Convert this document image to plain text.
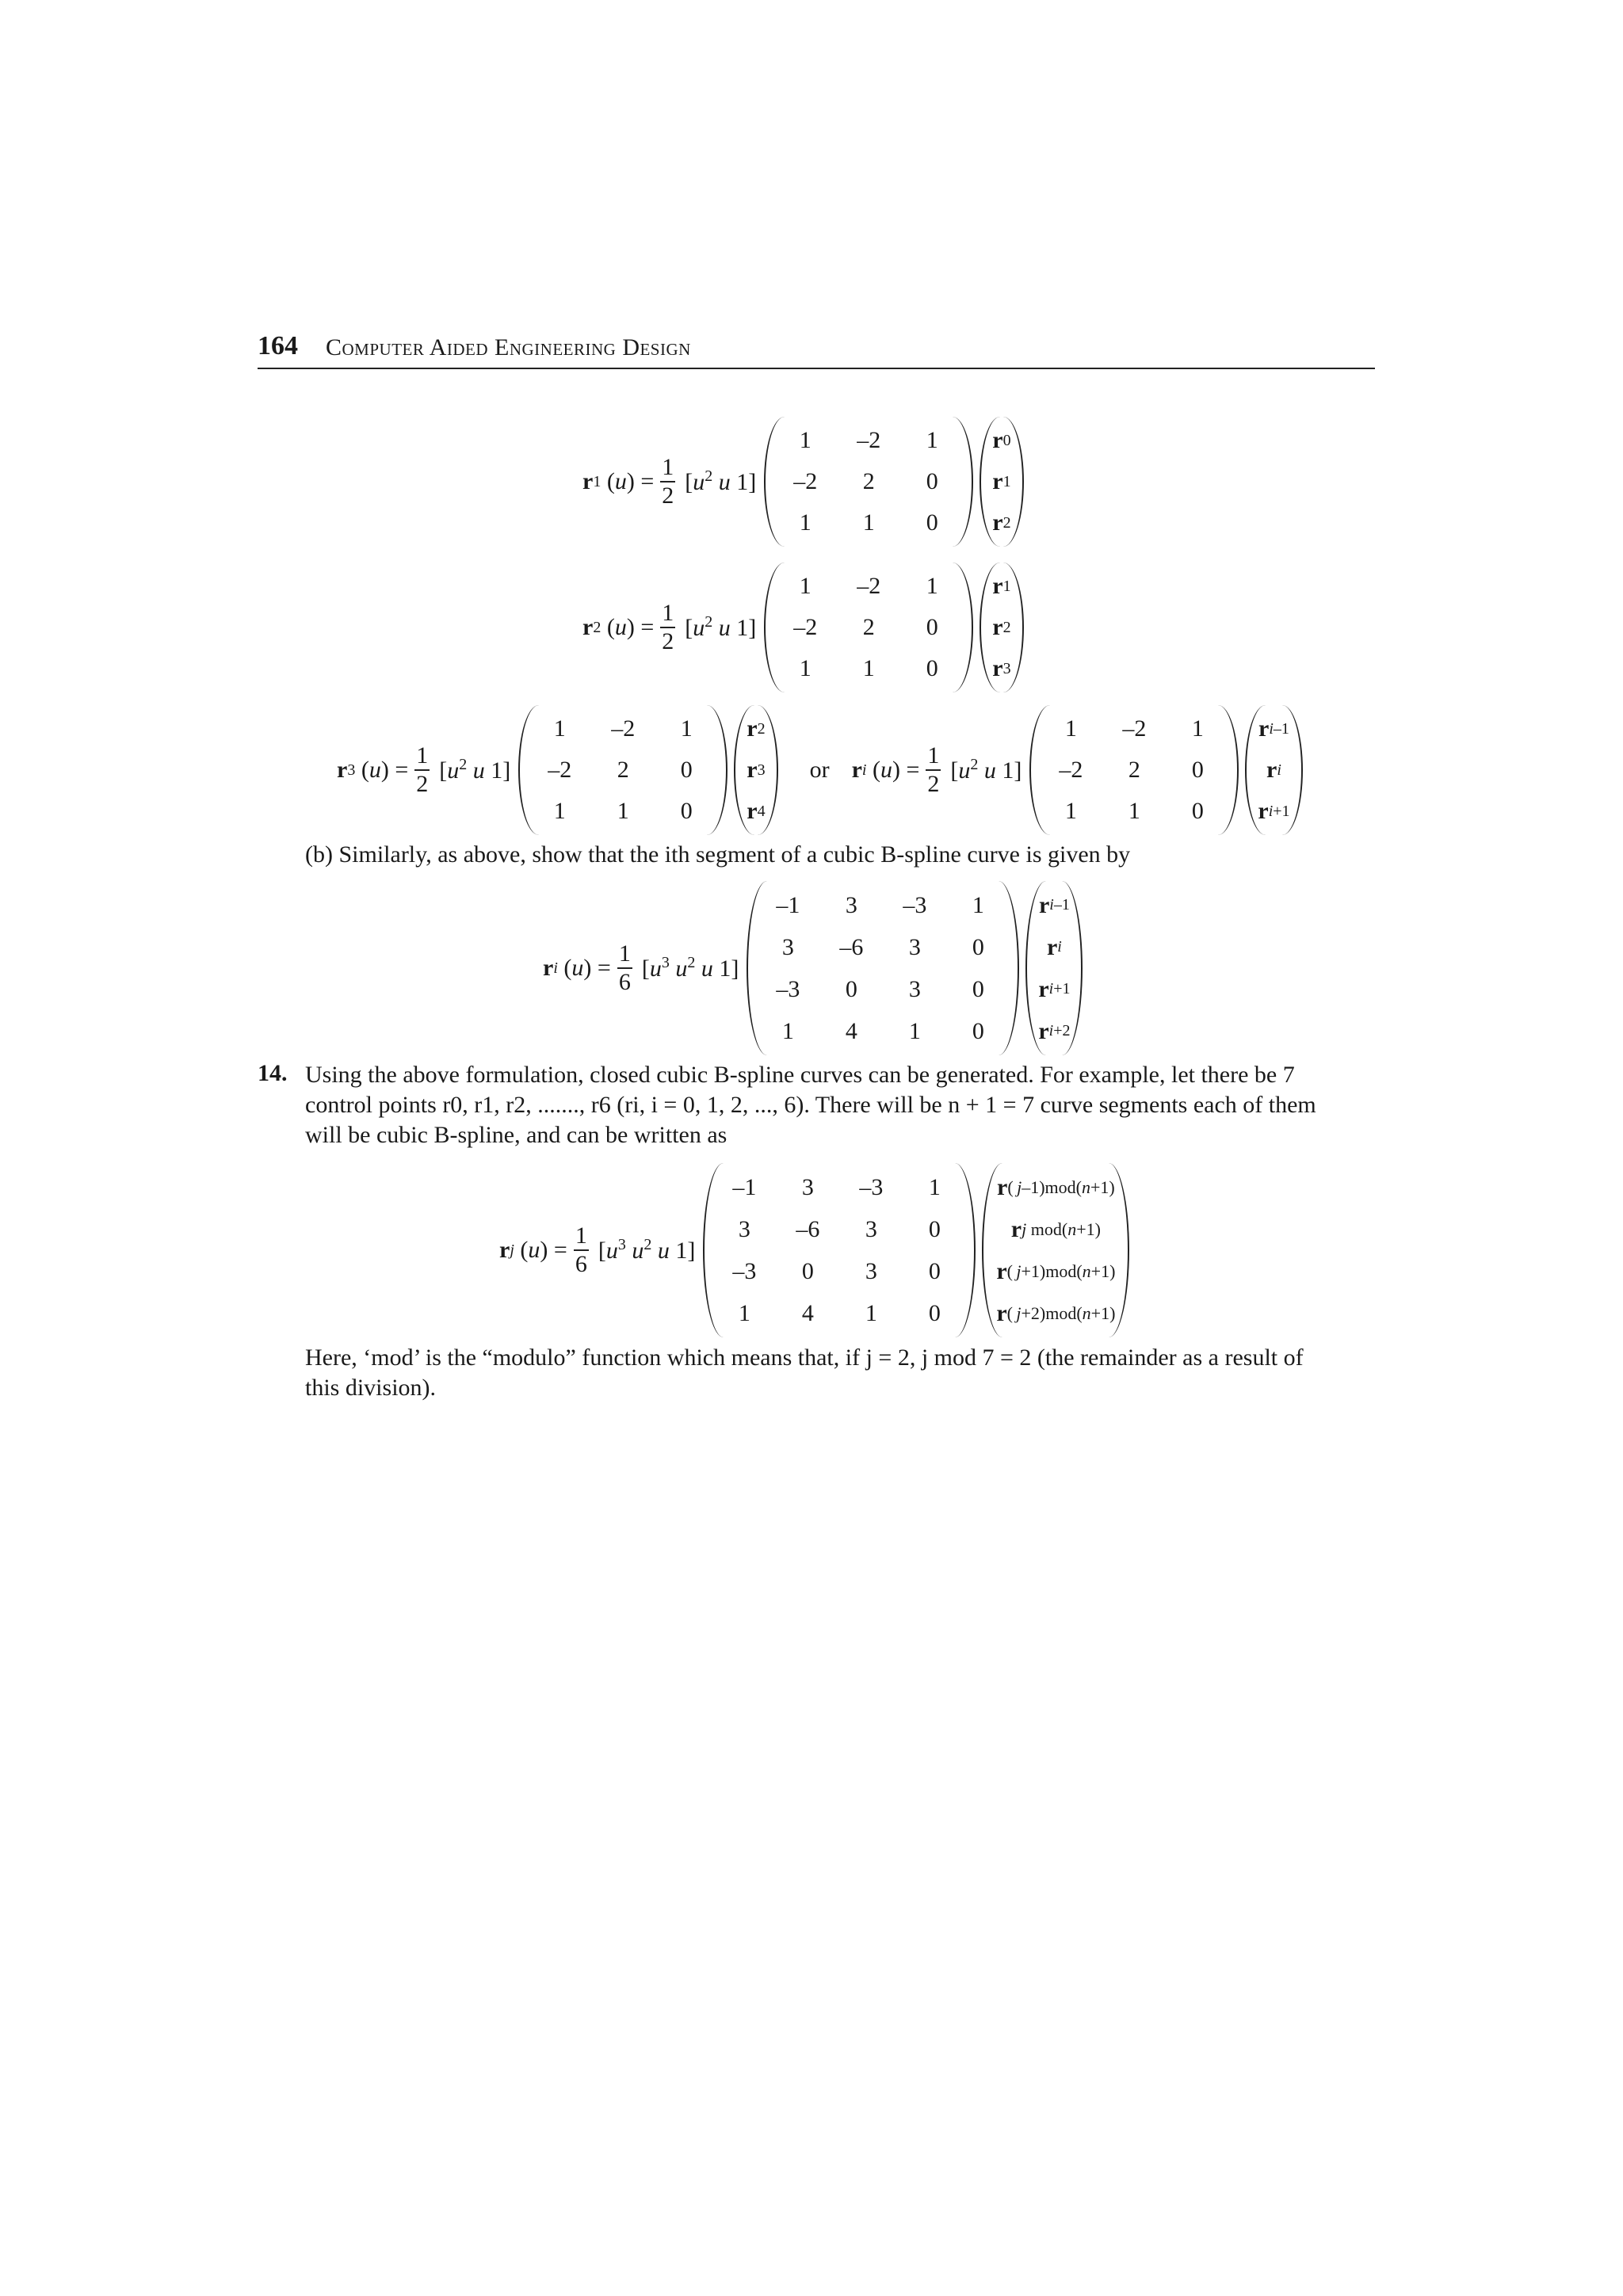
164 Computer Aided Engineering Design
r 1 ( u ) = $\frac{1}{2} [u^2$ u 1]
1	–2	1
–2	2	0
1	1	0
r 0
r 1
r 2
r 2 ( u ) = $\frac{1}{2} [u^2$ u 1]
1	–2	1
–2	2	0
1	1	0
r 1
r 2
r 3
r 3 ( u ) = $\frac{1}{2} [u^2$ u 1]
1	–2	1
–2	2	0
1	1	0
r 2
r 3
r 4
or r i ( u ) = $\frac{1}{2} [u^2$ u 1]
1	–2	1
–2	2	0
1	1	0
r i–1
r i
r i+1
(b) Similarly, as above, show that the ith segment of a cubic B-spline curve is given by
r i ( u ) = $\frac{1}{6} [u^3$ $u^2$ u 1]
–1	3	–3	1
3	–6	3	0
–3	0	3	0
1	4	1	0
r i–1
r i
r i+1
r i+2
14. Using the above formulation, closed cubic B-spline curves can be generated. For example, let there be 7
control points r0, r1, r2, ......., r6 (ri, i = 0, 1, 2, ..., 6). There will be n + 1 = 7 curve segments each of them
will be cubic B-spline, and can be written as
r j ( u ) = $\frac{1}{6} [u^3$ $u^2$ u 1]
–1	3	–3	1
3	–6	3	0
–3	0	3	0
1	4	1	0
r ( j–1)mod(n+1)
r j mod(n+1)
r ( j+1)mod(n+1)
r ( j+2)mod(n+1)
Here, ‘mod’ is the “modulo” function which means that, if j = 2, j mod 7 = 2 (the remainder as a result of
this division).
